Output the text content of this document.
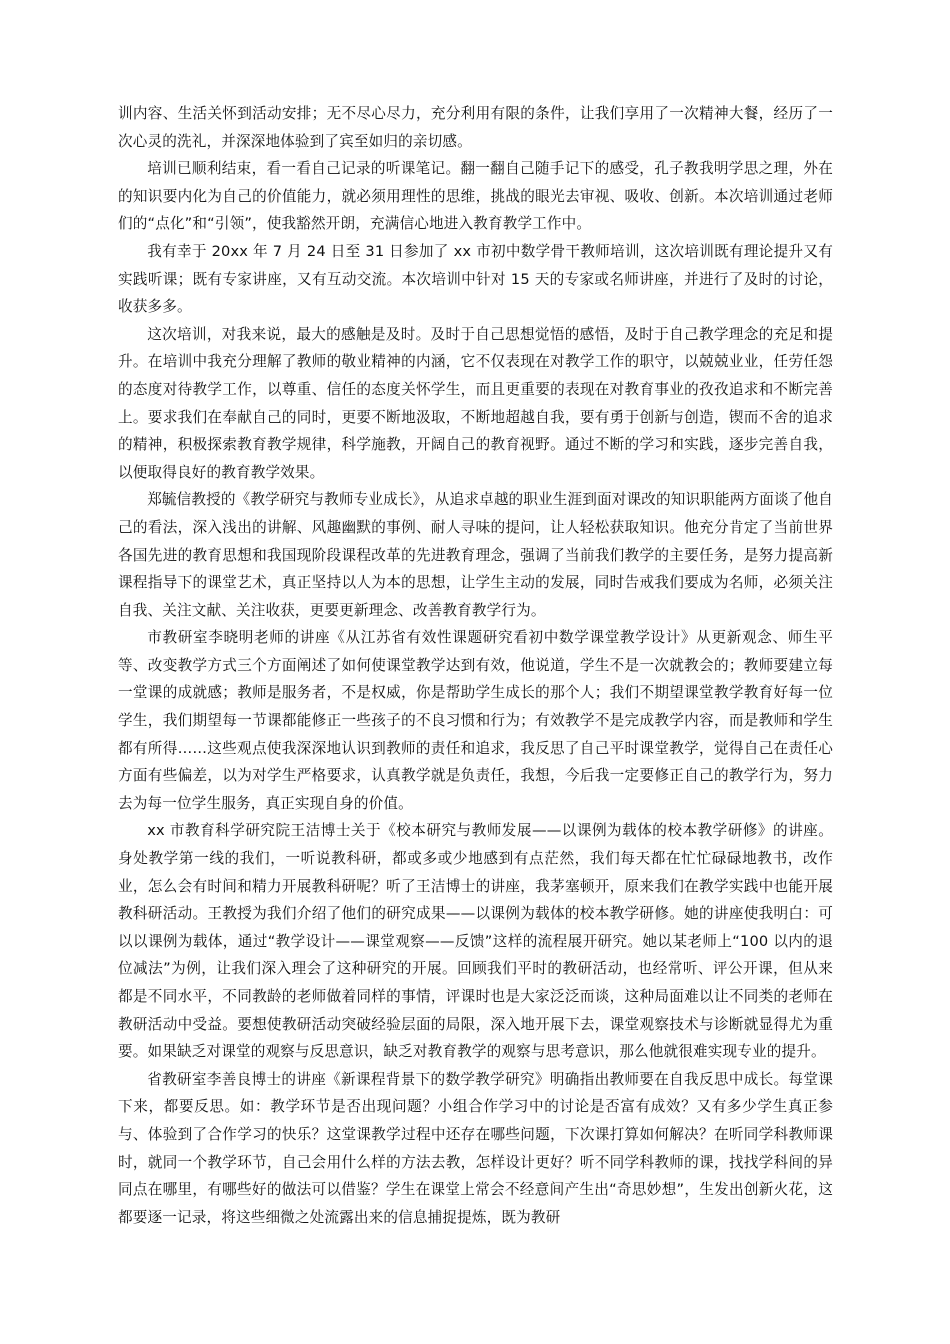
训内容、生活关怀到活动安排；无不尽心尽力，充分利用有限的条件，让我们享用了一次精神大餐，经历了一次心灵的洗礼，并深深地体验到了宾至如归的亲切感。

培训已顺利结束，看一看自己记录的听课笔记。翻一翻自己随手记下的感受，孔子教我明学思之理，外在的知识要内化为自己的价值能力，就必须用理性的思维，挑战的眼光去审视、吸收、创新。本次培训通过老师们的“点化”和“引领”，使我豁然开朗，充满信心地进入教育教学工作中。

我有幸于 20xx 年 7 月 24 日至 31 日参加了 xx 市初中数学骨干教师培训，这次培训既有理论提升又有实践听课；既有专家讲座，又有互动交流。本次培训中针对 15 天的专家或名师讲座，并进行了及时的讨论，收获多多。

这次培训，对我来说，最大的感触是及时。及时于自己思想觉悟的感悟，及时于自己教学理念的充足和提升。在培训中我充分理解了教师的敬业精神的内涵，它不仅表现在对教学工作的职守，以兢兢业业，任劳任怨的态度对待教学工作，以尊重、信任的态度关怀学生，而且更重要的表现在对教育事业的孜孜追求和不断完善上。要求我们在奉献自己的同时，更要不断地汲取，不断地超越自我，要有勇于创新与创造，锲而不舍的追求的精神，积极探索教育教学规律，科学施教，开阔自己的教育视野。通过不断的学习和实践，逐步完善自我，以便取得良好的教育教学效果。

郑毓信教授的《教学研究与教师专业成长》，从追求卓越的职业生涯到面对课改的知识职能两方面谈了他自己的看法，深入浅出的讲解、风趣幽默的事例、耐人寻味的提问，让人轻松获取知识。他充分肯定了当前世界各国先进的教育思想和我国现阶段课程改革的先进教育理念，强调了当前我们教学的主要任务，是努力提高新课程指导下的课堂艺术，真正坚持以人为本的思想，让学生主动的发展，同时告戒我们要成为名师，必须关注自我、关注文献、关注收获，更要更新理念、改善教育教学行为。

市教研室李晓明老师的讲座《从江苏省有效性课题研究看初中数学课堂教学设计》从更新观念、师生平等、改变教学方式三个方面阐述了如何使课堂教学达到有效，他说道，学生不是一次就教会的；教师要建立每一堂课的成就感；教师是服务者，不是权威，你是帮助学生成长的那个人；我们不期望课堂教学教育好每一位学生，我们期望每一节课都能修正一些孩子的不良习惯和行为；有效教学不是完成教学内容，而是教师和学生都有所得……这些观点使我深深地认识到教师的责任和追求，我反思了自己平时课堂教学，觉得自己在责任心方面有些偏差，以为对学生严格要求，认真教学就是负责任，我想，今后我一定要修正自己的教学行为，努力去为每一位学生服务，真正实现自身的价值。

xx 市教育科学研究院王洁博士关于《校本研究与教师发展——以课例为载体的校本教学研修》的讲座。身处教学第一线的我们，一听说教科研，都或多或少地感到有点茫然，我们每天都在忙忙碌碌地教书，改作业，怎么会有时间和精力开展教科研呢？听了王洁博士的讲座，我茅塞顿开，原来我们在教学实践中也能开展教科研活动。王教授为我们介绍了他们的研究成果——以课例为载体的校本教学研修。她的讲座使我明白：可以以课例为载体，通过“教学设计——课堂观察——反馈”这样的流程展开研究。她以某老师上“100 以内的退位减法”为例，让我们深入理会了这种研究的开展。回顾我们平时的教研活动，也经常听、评公开课，但从来都是不同水平，不同教龄的老师做着同样的事情，评课时也是大家泛泛而谈，这种局面难以让不同类的老师在教研活动中受益。要想使教研活动突破经验层面的局限，深入地开展下去，课堂观察技术与诊断就显得尤为重要。如果缺乏对课堂的观察与反思意识，缺乏对教育教学的观察与思考意识，那么他就很难实现专业的提升。

省教研室李善良博士的讲座《新课程背景下的数学教学研究》明确指出教师要在自我反思中成长。每堂课下来，都要反思。如：教学环节是否出现问题？小组合作学习中的讨论是否富有成效？又有多少学生真正参与、体验到了合作学习的快乐？这堂课教学过程中还存在哪些问题，下次课打算如何解决？在听同学科教师课时，就同一个教学环节，自己会用什么样的方法去教，怎样设计更好？听不同学科教师的课，找找学科间的异同点在哪里，有哪些好的做法可以借鉴？学生在课堂上常会不经意间产生出“奇思妙想”，生发出创新火花，这都要逐一记录，将这些细微之处流露出来的信息捕捉提炼，既为教研
